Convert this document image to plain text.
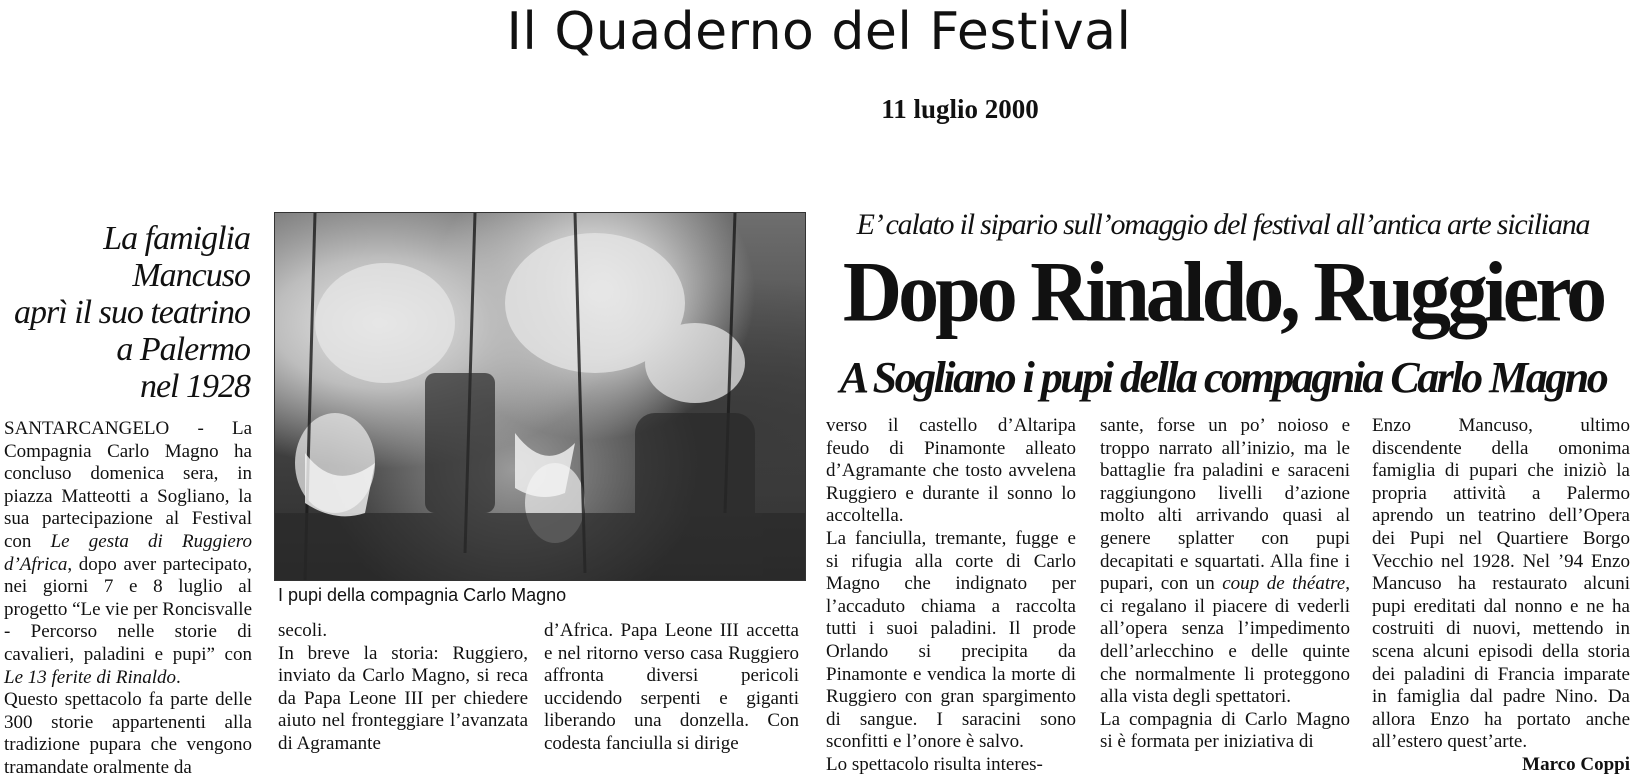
Il Quaderno del Festival
11 luglio 2000
La famiglia
Mancuso
aprì il suo teatrino
a Palermo
nel 1928

SANTARCANGELO - La Compagnia Carlo Magno ha concluso domenica sera, in piazza Matteotti a Sogliano, la sua partecipazione al Festival con Le gesta di Ruggiero d’Africa, dopo aver partecipato, nei giorni 7 e 8 luglio al progetto “Le vie per Roncisvalle - Percorso nelle storie di cavalieri, paladini e pupi” con Le 13 ferite di Rinaldo.

Questo spettacolo fa parte delle 300 storie appartenenti alla tradizione pupara che vengono tramandate oralmente da

I pupi della compagnia Carlo Magno

secoli.

In breve la storia: Ruggiero, inviato da Carlo Magno, si reca da Papa Leone III per chiedere aiuto nel fronteggiare l’avanzata di Agramante

d’Africa. Papa Leone III accetta e nel ritorno verso casa Ruggiero affronta diversi pericoli uccidendo serpenti e giganti liberando una donzella. Con codesta fanciulla si dirige

E’ calato il sipario sull’omaggio del festival all’antica arte siciliana
Dopo Rinaldo, Ruggiero
A Sogliano i pupi della compagnia Carlo Magno

verso il castello d’Altaripa feudo di Pinamonte alleato d’Agramante che tosto avvelena Ruggiero e durante il sonno lo accoltella.

La fanciulla, tremante, fugge e si rifugia alla corte di Carlo Magno che indignato per l’accaduto chiama a raccolta tutti i suoi paladini. Il prode Orlando si precipita da Pinamonte e vendica la morte di Ruggiero con gran spargimento di sangue. I saracini sono sconfitti e l’onore è salvo.

Lo spettacolo risulta interes-

sante, forse un po’ noioso e troppo narrato all’inizio, ma le battaglie fra paladini e saraceni raggiungono livelli d’azione molto alti arrivando quasi al genere splatter con pupi decapitati e squartati. Alla fine i pupari, con un coup de théatre, ci regalano il piacere di vederli all’opera senza l’impedimento dell’arlecchino e delle quinte che normalmente li proteggono alla vista degli spettatori.

La compagnia di Carlo Magno si è formata per iniziativa di

Enzo Mancuso, ultimo discendente della omonima famiglia di pupari che iniziò la propria attività a Palermo aprendo un teatrino dell’Opera dei Pupi nel Quartiere Borgo Vecchio nel 1928. Nel ’94 Enzo Mancuso ha restaurato alcuni pupi ereditati dal nonno e ne ha costruiti di nuovi, mettendo in scena alcuni episodi della storia dei paladini di Francia imparate in famiglia dal padre Nino. Da allora Enzo ha portato anche all’estero quest’arte.

Marco Coppi
